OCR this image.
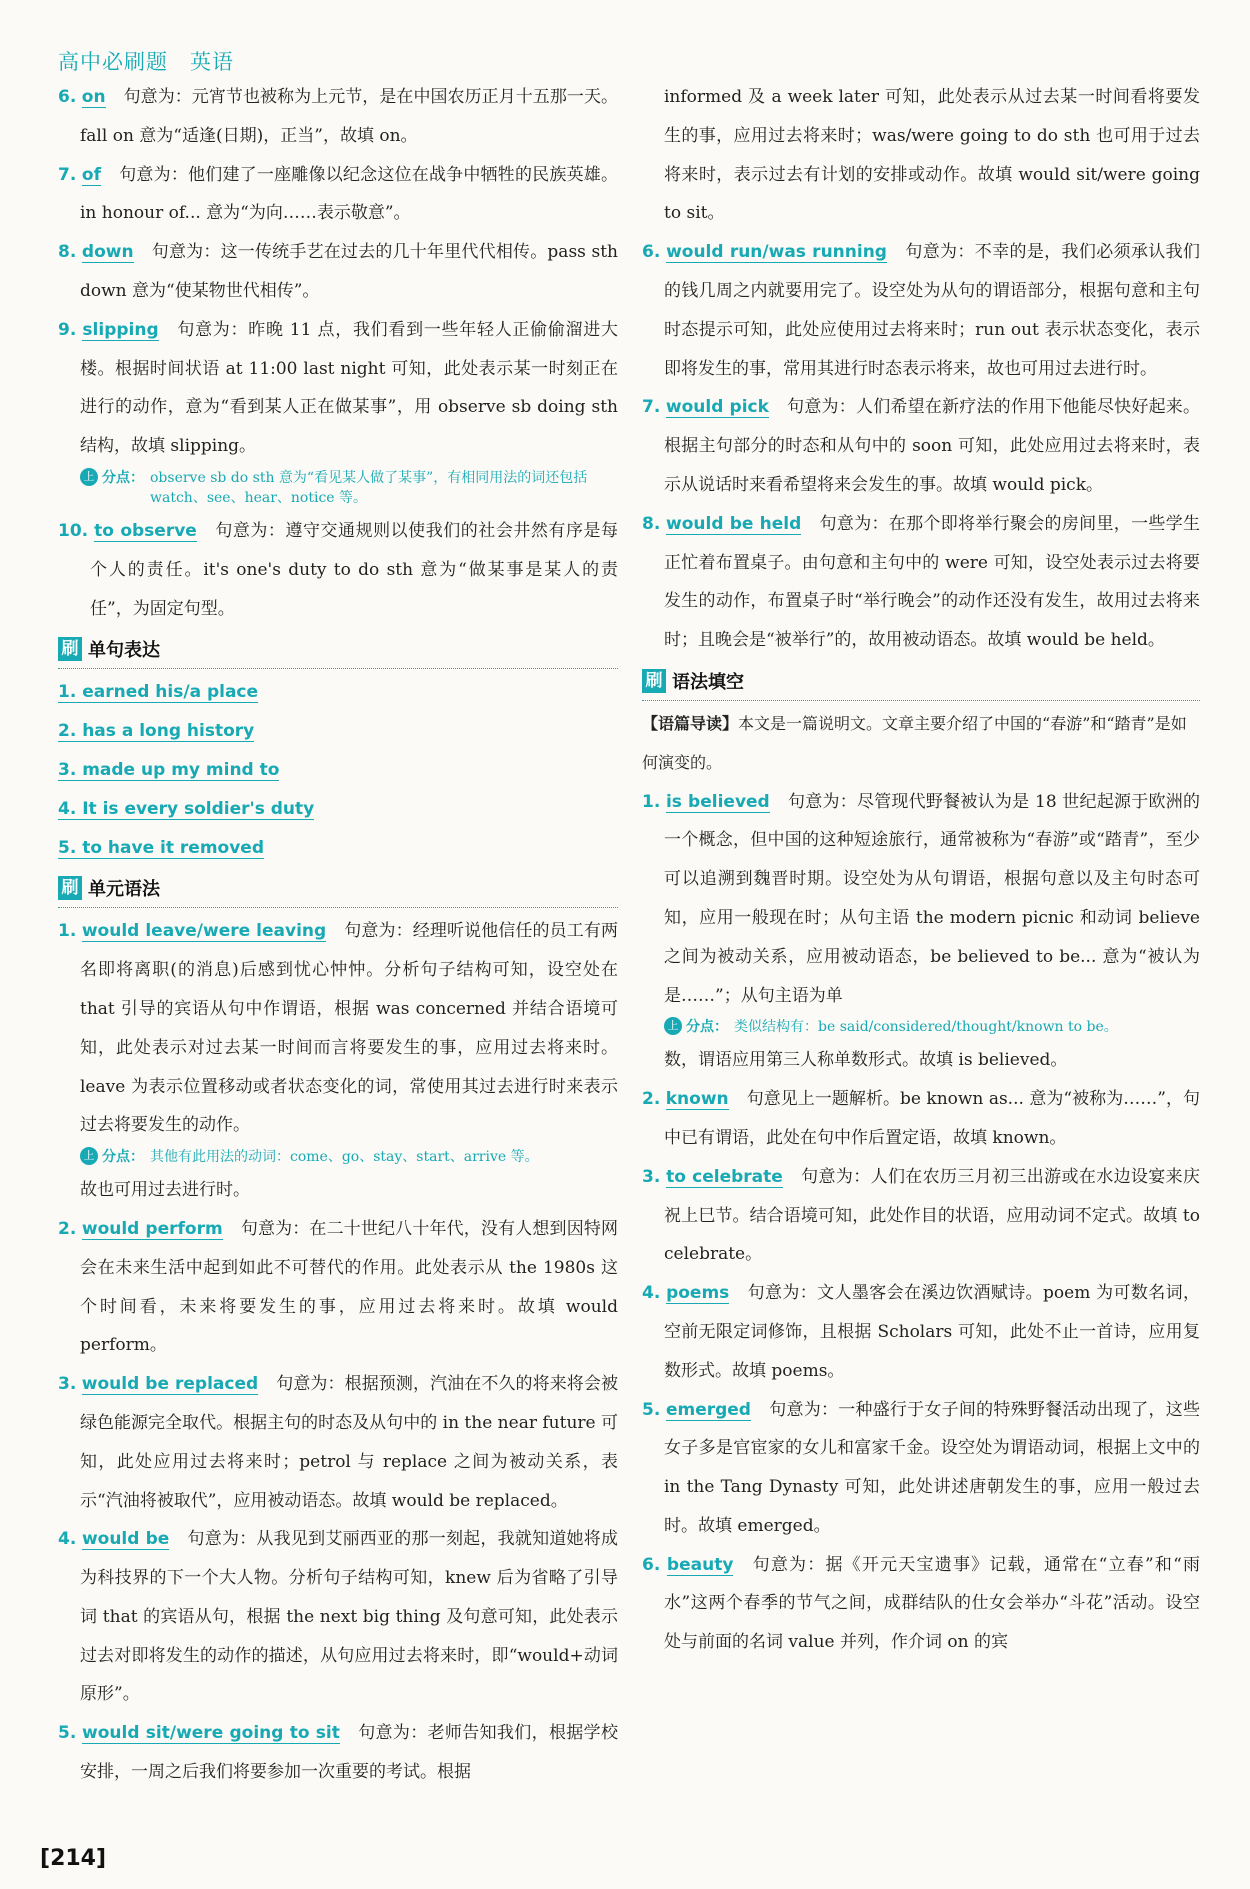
高中必刷题 英语
6. on 句意为：元宵节也被称为上元节，是在中国农历正月十五那一天。fall on 意为“适逢(日期)，正当”，故填 on。
7. of 句意为：他们建了一座雕像以纪念这位在战争中牺牲的民族英雄。in honour of... 意为“为向……表示敬意”。
8. down 句意为：这一传统手艺在过去的几十年里代代相传。pass sth down 意为“使某物世代相传”。
9. slipping 句意为：昨晚 11 点，我们看到一些年轻人正偷偷溜进大楼。根据时间状语 at 11:00 last night 可知，此处表示某一时刻正在进行的动作，意为“看到某人正在做某事”，用 observe sb doing sth 结构，故填 slipping。
上 分点： observe sb do sth 意为“看见某人做了某事”，有相同用法的词还包括 watch、see、hear、notice 等。
10. to observe 句意为：遵守交通规则以使我们的社会井然有序是每个人的责任。it's one's duty to do sth 意为“做某事是某人的责任”，为固定句型。
刷 单句表达
1. earned his/a place
2. has a long history
3. made up my mind to
4. It is every soldier's duty
5. to have it removed
刷 单元语法
1. would leave/were leaving 句意为：经理听说他信任的员工有两名即将离职(的消息)后感到忧心忡忡。分析句子结构可知，设空处在 that 引导的宾语从句中作谓语，根据 was concerned 并结合语境可知，此处表示对过去某一时间而言将要发生的事，应用过去将来时。leave 为表示位置移动或者状态变化的词，常使用其过去进行时来表示过去将要发生的动作。
上 分点： 其他有此用法的动词：come、go、stay、start、arrive 等。
故也可用过去进行时。
2. would perform 句意为：在二十世纪八十年代，没有人想到因特网会在未来生活中起到如此不可替代的作用。此处表示从 the 1980s 这个时间看，未来将要发生的事，应用过去将来时。故填 would perform。
3. would be replaced 句意为：根据预测，汽油在不久的将来将会被绿色能源完全取代。根据主句的时态及从句中的 in the near future 可知，此处应用过去将来时；petrol 与 replace 之间为被动关系，表示“汽油将被取代”，应用被动语态。故填 would be replaced。
4. would be 句意为：从我见到艾丽西亚的那一刻起，我就知道她将成为科技界的下一个大人物。分析句子结构可知，knew 后为省略了引导词 that 的宾语从句，根据 the next big thing 及句意可知，此处表示过去对即将发生的动作的描述，从句应用过去将来时，即“would+动词原形”。
5. would sit/were going to sit 句意为：老师告知我们，根据学校安排，一周之后我们将要参加一次重要的考试。根据
informed 及 a week later 可知，此处表示从过去某一时间看将要发生的事，应用过去将来时；was/were going to do sth 也可用于过去将来时，表示过去有计划的安排或动作。故填 would sit/were going to sit。
6. would run/was running 句意为：不幸的是，我们必须承认我们的钱几周之内就要用完了。设空处为从句的谓语部分，根据句意和主句时态提示可知，此处应使用过去将来时；run out 表示状态变化，表示即将发生的事，常用其进行时态表示将来，故也可用过去进行时。
7. would pick 句意为：人们希望在新疗法的作用下他能尽快好起来。根据主句部分的时态和从句中的 soon 可知，此处应用过去将来时，表示从说话时来看希望将来会发生的事。故填 would pick。
8. would be held 句意为：在那个即将举行聚会的房间里，一些学生正忙着布置桌子。由句意和主句中的 were 可知，设空处表示过去将要发生的动作，布置桌子时“举行晚会”的动作还没有发生，故用过去将来时；且晚会是“被举行”的，故用被动语态。故填 would be held。
刷 语法填空
【语篇导读】本文是一篇说明文。文章主要介绍了中国的“春游”和“踏青”是如何演变的。
1. is believed 句意为：尽管现代野餐被认为是 18 世纪起源于欧洲的一个概念，但中国的这种短途旅行，通常被称为“春游”或“踏青”，至少可以追溯到魏晋时期。设空处为从句谓语，根据句意以及主句时态可知，应用一般现在时；从句主语 the modern picnic 和动词 believe 之间为被动关系，应用被动语态，be believed to be... 意为“被认为是……”；从句主语为单
上 分点： 类似结构有：be said/considered/thought/known to be。
数，谓语应用第三人称单数形式。故填 is believed。
2. known 句意见上一题解析。be known as... 意为“被称为……”，句中已有谓语，此处在句中作后置定语，故填 known。
3. to celebrate 句意为：人们在农历三月初三出游或在水边设宴来庆祝上巳节。结合语境可知，此处作目的状语，应用动词不定式。故填 to celebrate。
4. poems 句意为：文人墨客会在溪边饮酒赋诗。poem 为可数名词，空前无限定词修饰，且根据 Scholars 可知，此处不止一首诗，应用复数形式。故填 poems。
5. emerged 句意为：一种盛行于女子间的特殊野餐活动出现了，这些女子多是官宦家的女儿和富家千金。设空处为谓语动词，根据上文中的 in the Tang Dynasty 可知，此处讲述唐朝发生的事，应用一般过去时。故填 emerged。
6. beauty 句意为：据《开元天宝遗事》记载，通常在“立春”和“雨水”这两个春季的节气之间，成群结队的仕女会举办“斗花”活动。设空处与前面的名词 value 并列，作介词 on 的宾
[214]
